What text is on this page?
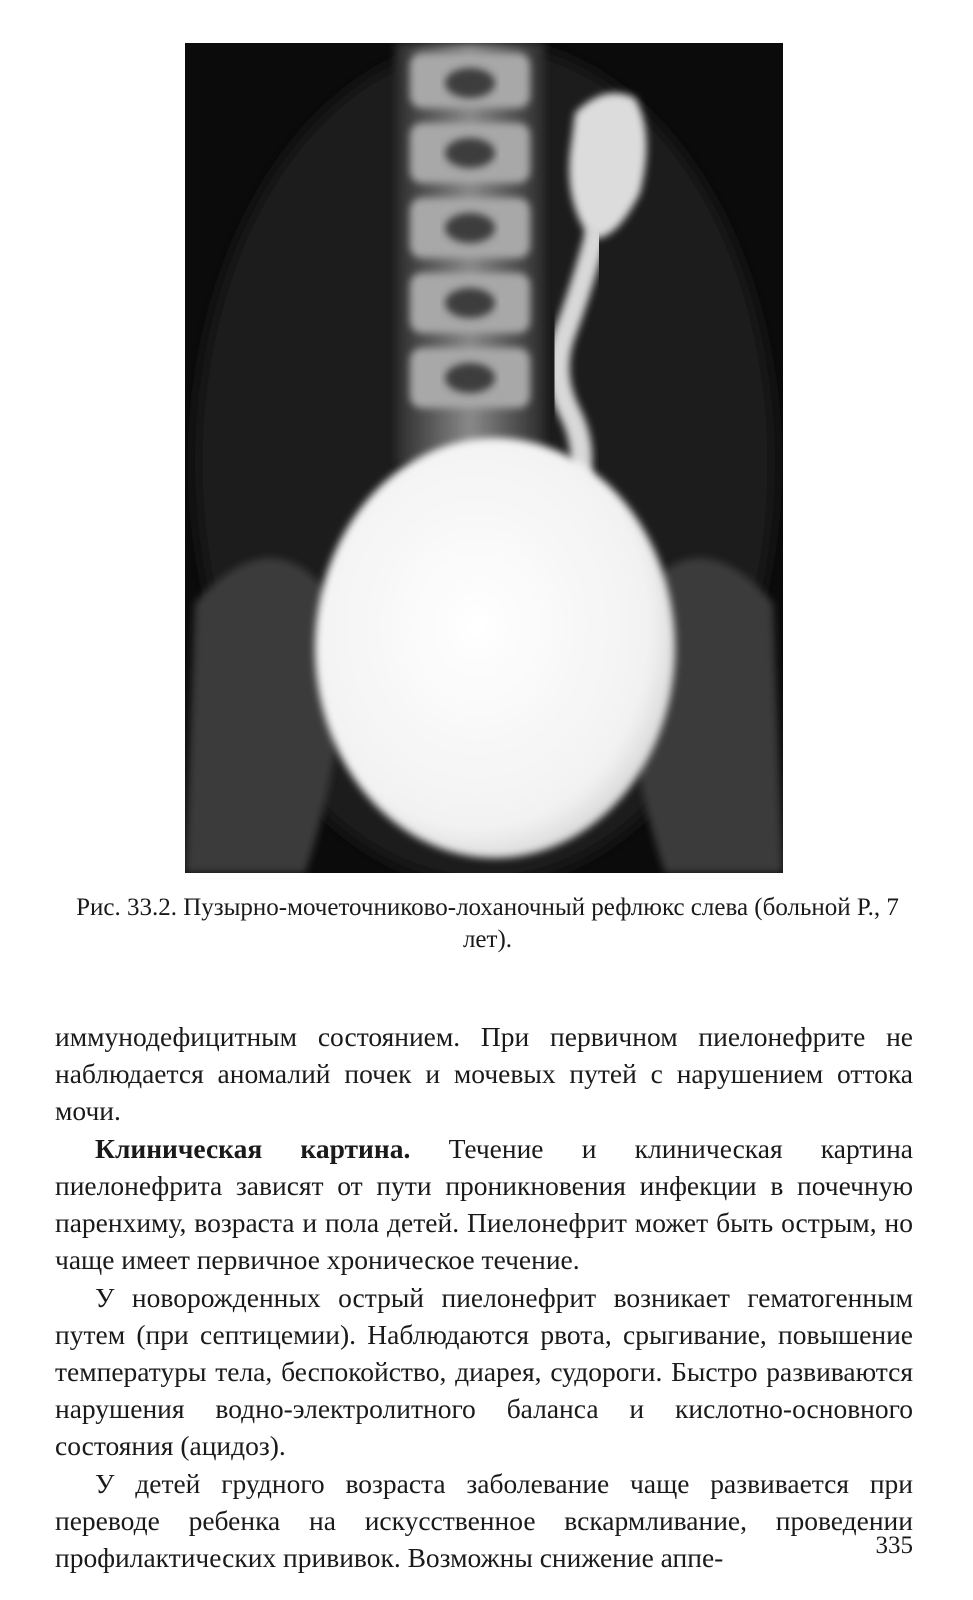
Рис. 33.2. Пузырно-мочеточниково-лоханочный рефлюкс слева (больной Р., 7 лет).

иммунодефицитным состоянием. При первичном пиелонефрите не наблюдается аномалий почек и мочевых путей с нарушением оттока мочи.

Клиническая картина. Течение и клиническая картина пиелонефрита зависят от пути проникновения инфекции в почечную паренхиму, возраста и пола детей. Пиелонефрит может быть острым, но чаще имеет первичное хроническое течение.

У новорожденных острый пиелонефрит возникает гематогенным путем (при септицемии). Наблюдаются рвота, срыгивание, повышение температуры тела, беспокойство, диарея, судороги. Быстро развиваются нарушения водно-электролитного баланса и кислотно-основного состояния (ацидоз).

У детей грудного возраста заболевание чаще развивается при переводе ребенка на искусственное вскармливание, проведении профилактических прививок. Возможны снижение аппе-	335
